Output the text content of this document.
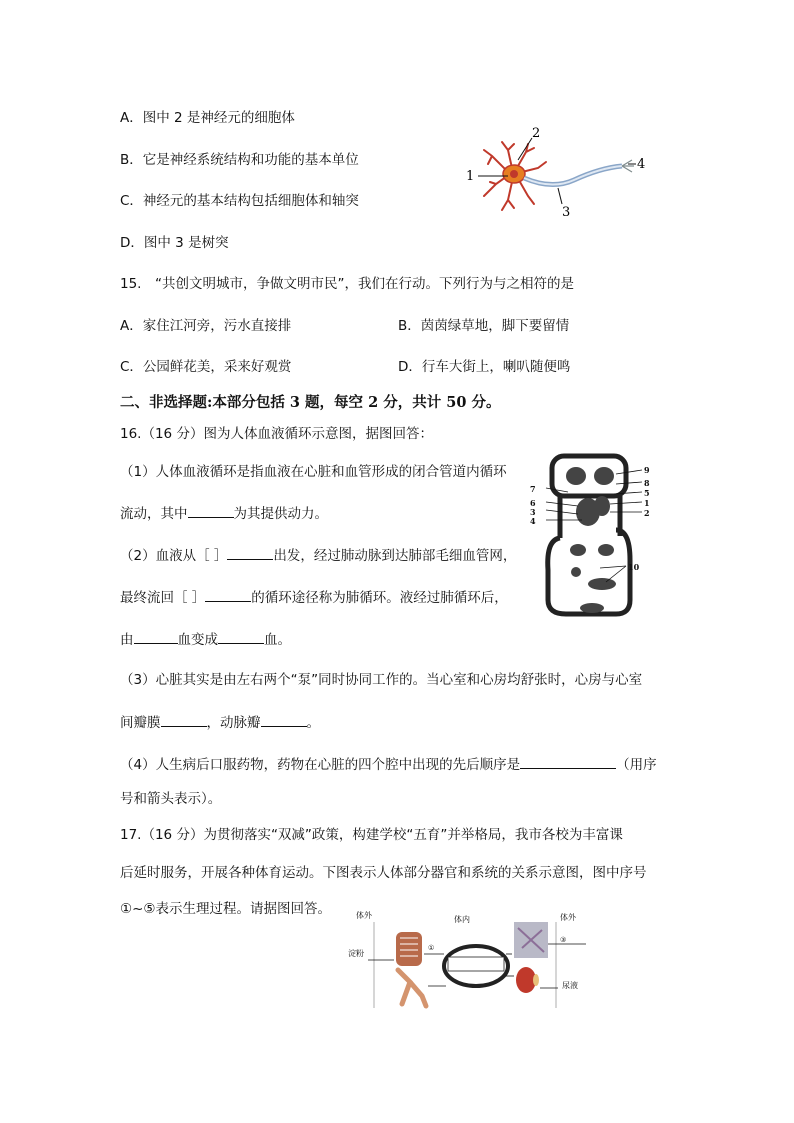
A．图中 2 是神经元的细胞体
B．它是神经系统结构和功能的基本单位
C．神经元的基本结构包括细胞体和轴突
D．图中 3 是树突
1
2
3
4
15.　“共创文明城市，争做文明市民”，我们在行动。下列行为与之相符的是
A．家住江河旁，污水直接排	B．茵茵绿草地，脚下要留情
C．公园鲜花美，采来好观赏	D．行车大街上，喇叭随便鸣
二、非选择题:本部分包括 3 题，每空 2 分，共计 50 分。
16.（16 分）图为人体血液循环示意图，据图回答：
（1）人体血液循环是指血液在心脏和血管形成的闭合管道内循环
流动，其中	为其提供动力。
（2）血液从［ ］	出发，经过肺动脉到达肺部毛细血管网，
最终流回［ ］	的循环途径称为肺循环。液经过肺循环后，
由	血变成	血。
（3）心脏其实是由左右两个“泵”同时协同工作的。当心室和心房均舒张时，心房与心室
间瓣膜	，动脉瓣	。
（4）人生病后口服药物，药物在心脏的四个腔中出现的先后顺序是	（用序
号和箭头表示）。
9
8
5
1
2
7
6
3
4
10
17.（16 分）为贯彻落实“双减”政策，构建学校“五育”并举格局，我市各校为丰富课
后延时服务，开展各种体育运动。下图表示人体部分器官和系统的关系示意图，图中序号
①~⑤表示生理过程。请据图回答。	体外	体内	体外
淀粉
尿液
①
③
